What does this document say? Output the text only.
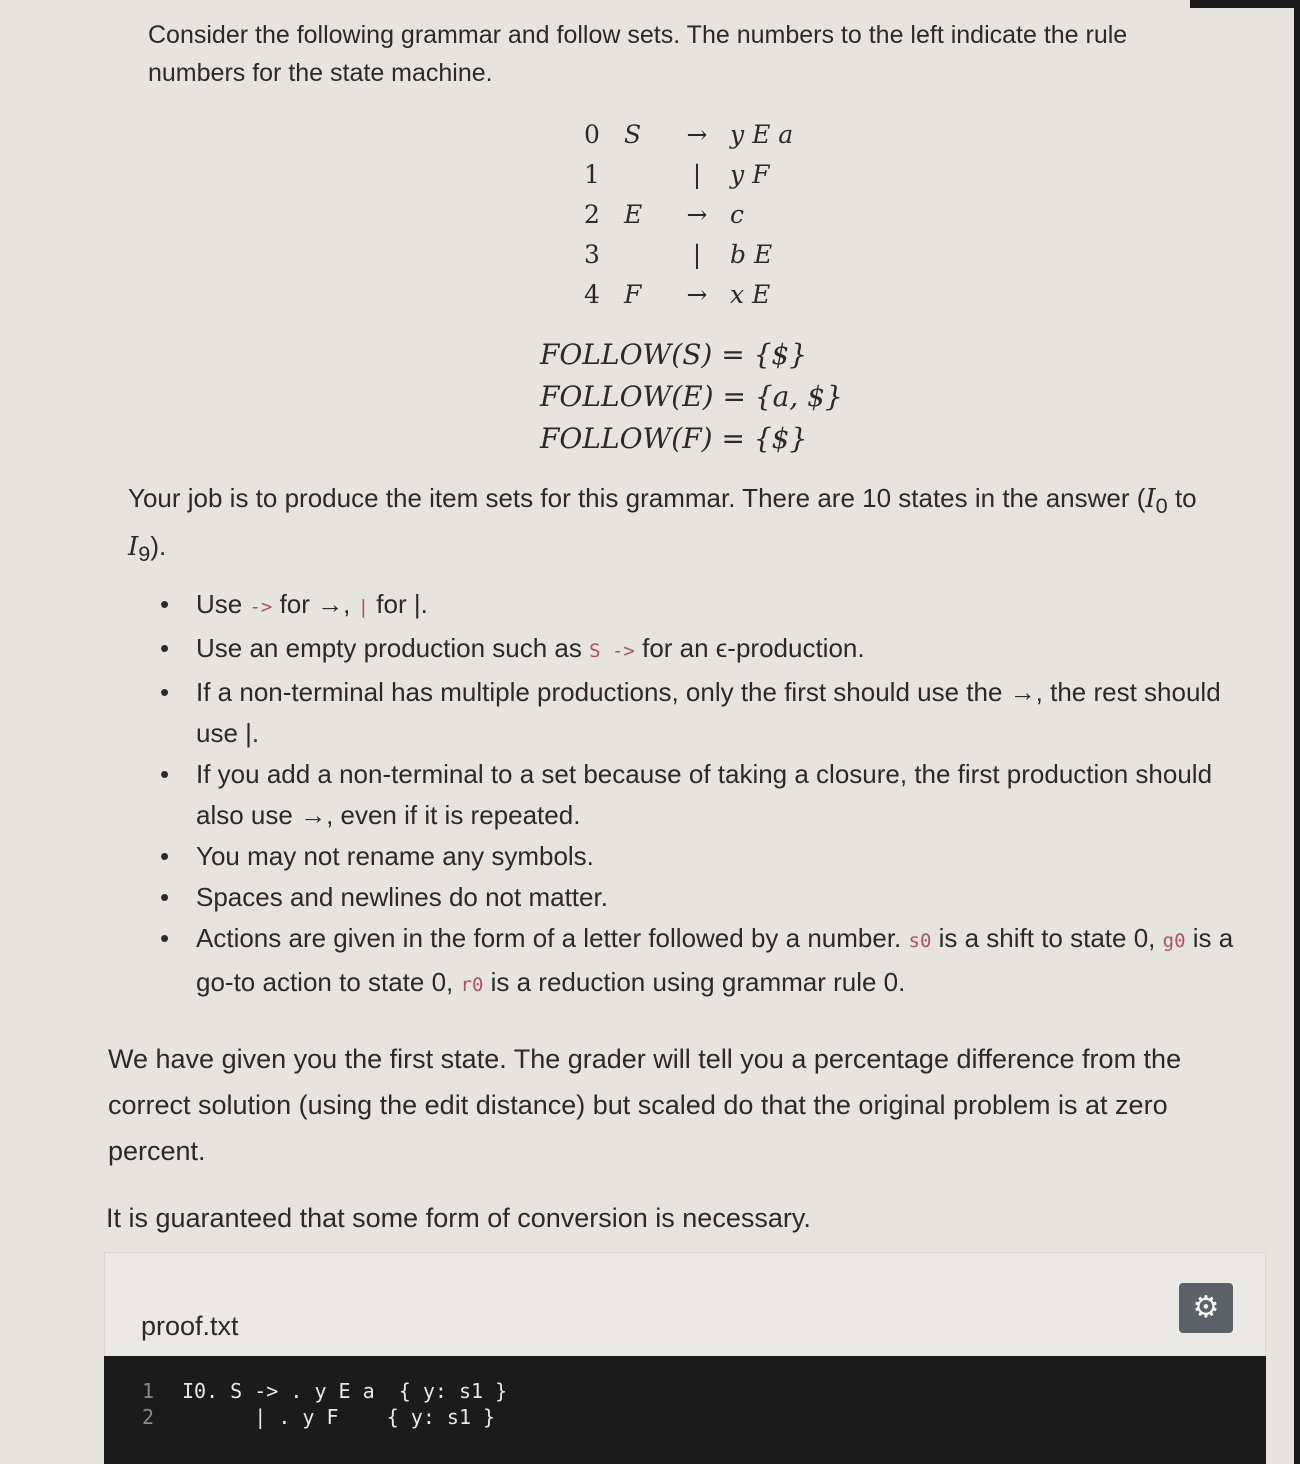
Consider the following grammar and follow sets. The numbers to the left indicate the rule numbers for the state machine.
0	S	→	y E a
1		|	y F
2	E	→	c
3		|	b E
4	F	→	x E
FOLLOW(S) = {$}
FOLLOW(E) = {a, $}
FOLLOW(F) = {$}
Your job is to produce the item sets for this grammar. There are 10 states in the answer ($I_0$ to $I_9$).
• Use -> for →, | for |.
• Use an empty production such as S -> for an ϵ-production.
• If a non-terminal has multiple productions, only the first should use the →, the rest should use |.
• If you add a non-terminal to a set because of taking a closure, the first production should also use →, even if it is repeated.
• You may not rename any symbols.
• Spaces and newlines do not matter.
• Actions are given in the form of a letter followed by a number. s0 is a shift to state 0, g0 is a go-to action to state 0, r0 is a reduction using grammar rule 0.
We have given you the first state. The grader will tell you a percentage difference from the correct solution (using the edit distance) but scaled do that the original problem is at zero percent.
It is guaranteed that some form of conversion is necessary.
proof.txt
⚙
1 I0. S -> . y E a  { y: s1 }
2      | . y F    { y: s1 }
